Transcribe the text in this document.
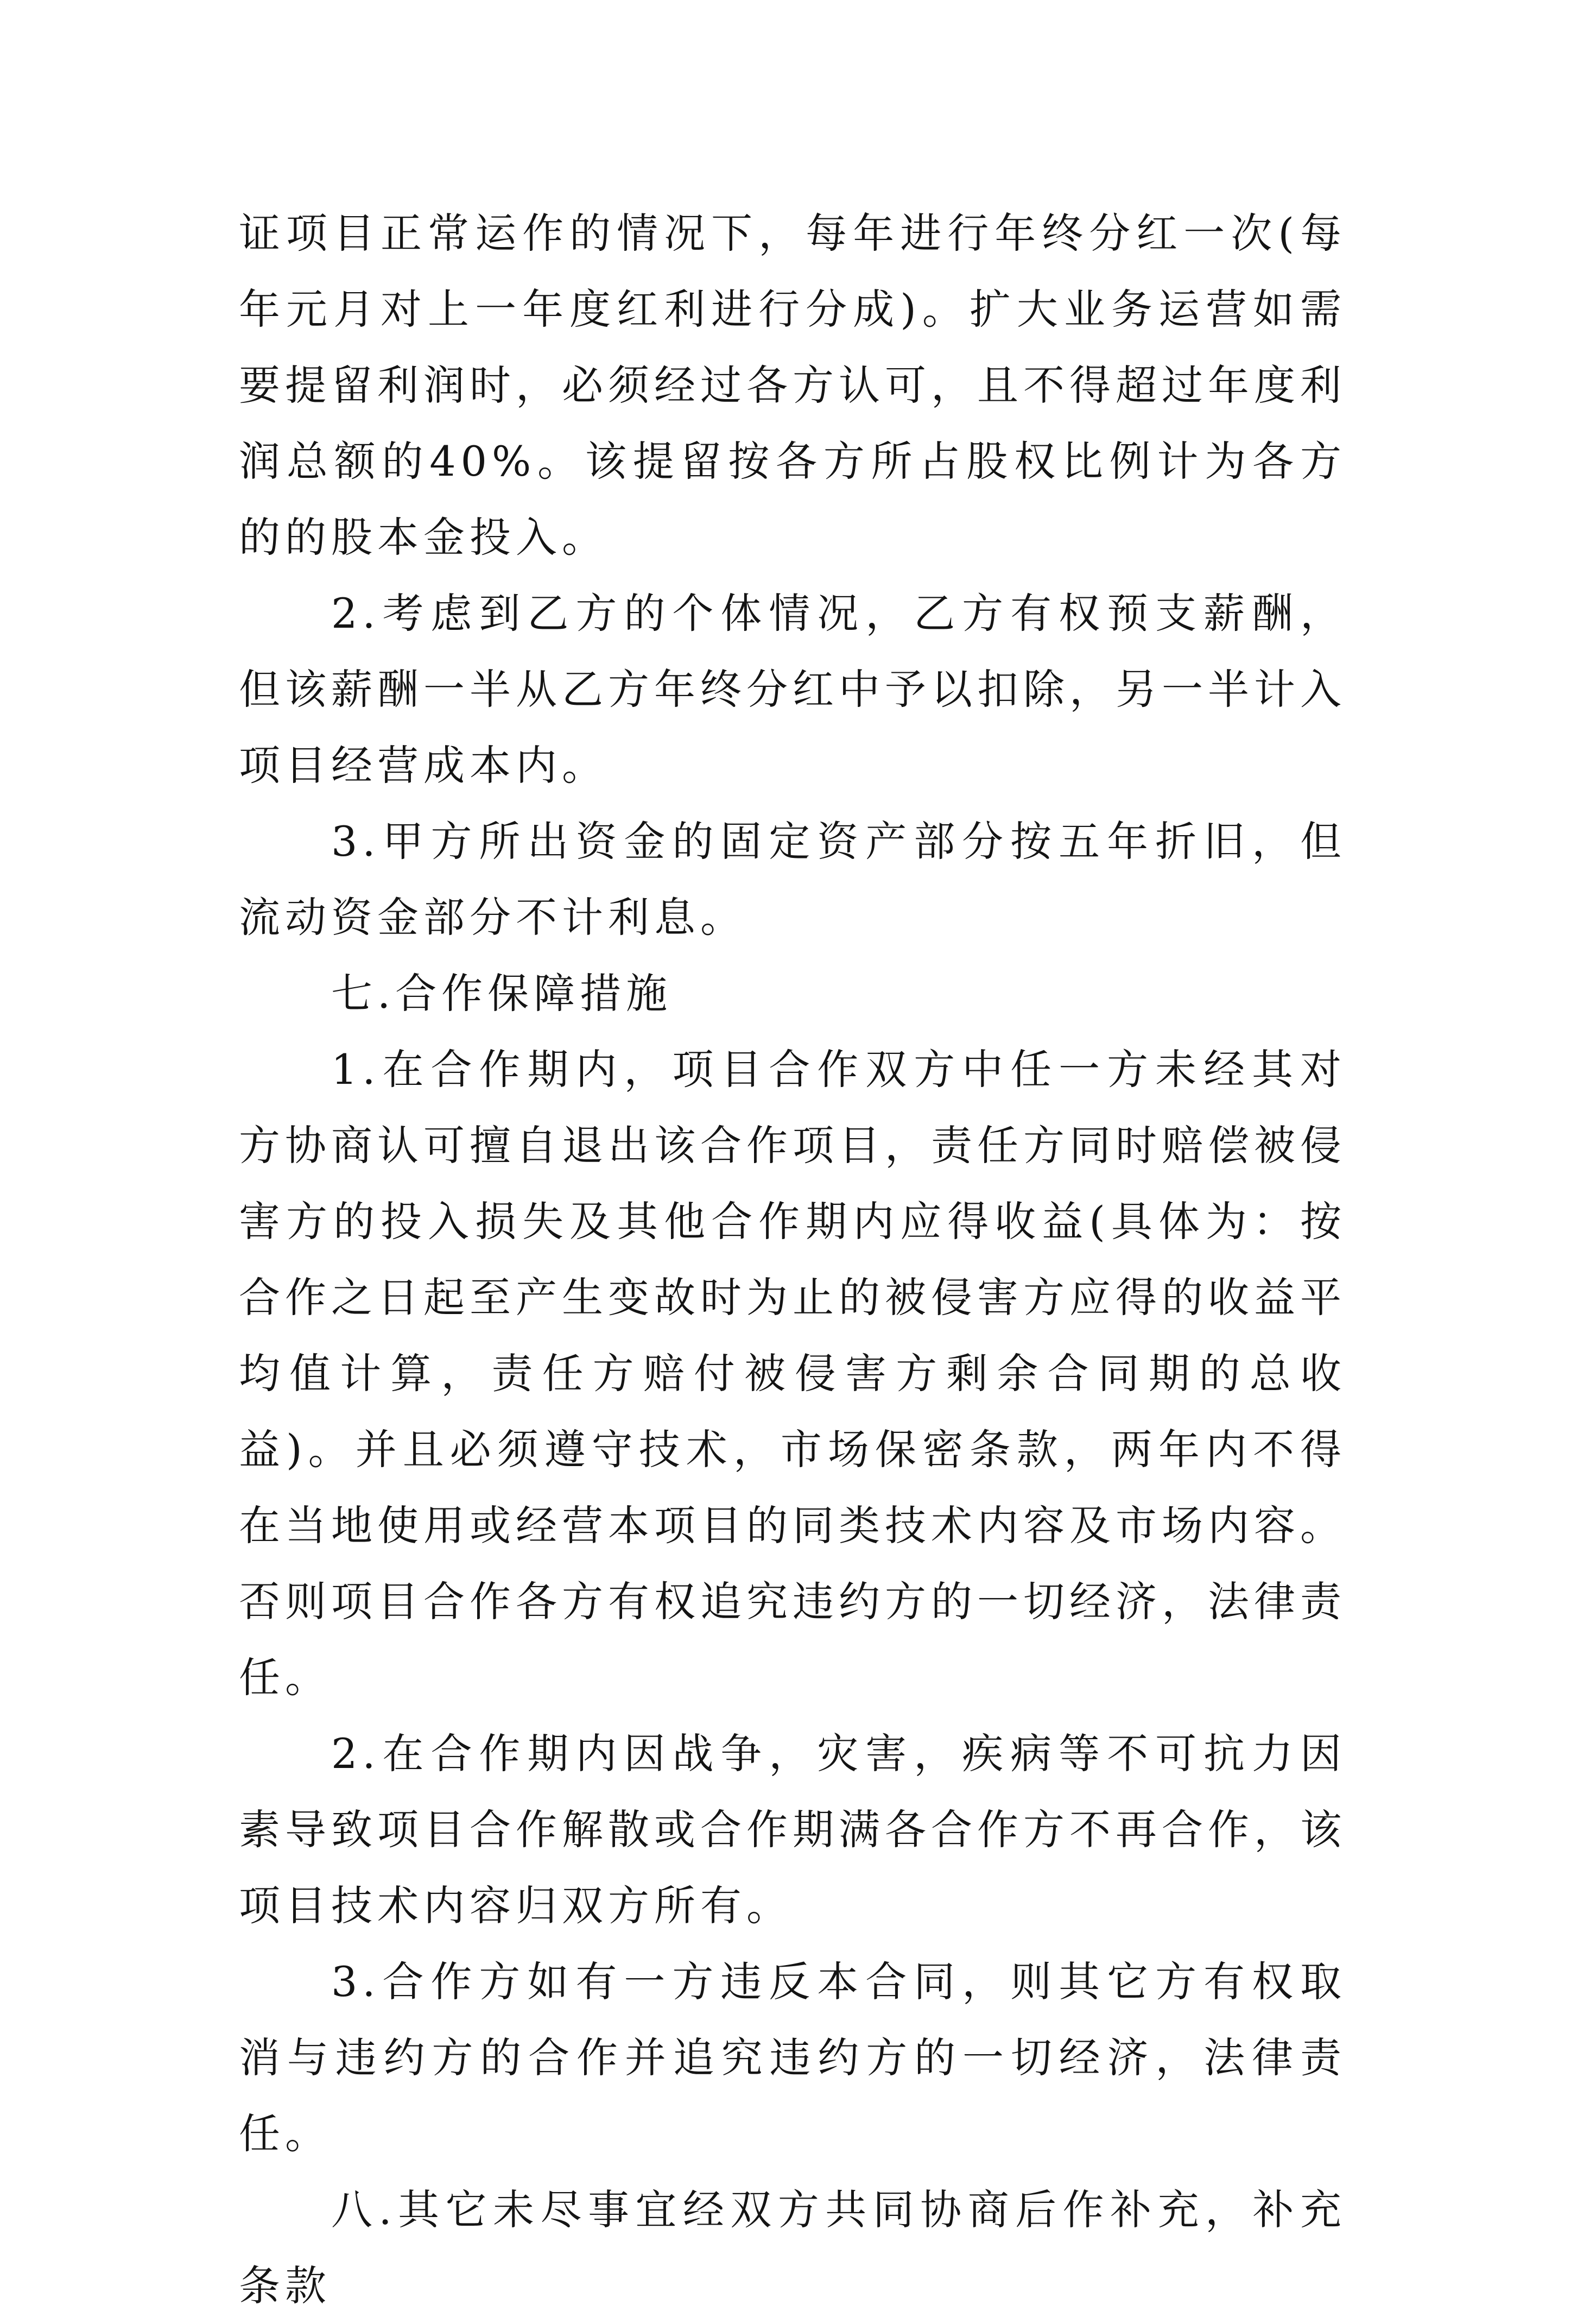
证项目正常运作的情况下，每年进行年终分红一次(每年元月对上一年度红利进行分成)。扩大业务运营如需要提留利润时，必须经过各方认可，且不得超过年度利润总额的40%。该提留按各方所占股权比例计为各方的的股本金投入。

2.考虑到乙方的个体情况，乙方有权预支薪酬，但该薪酬一半从乙方年终分红中予以扣除，另一半计入项目经营成本内。

3.甲方所出资金的固定资产部分按五年折旧，但流动资金部分不计利息。

七.合作保障措施

1.在合作期内，项目合作双方中任一方未经其对方协商认可擅自退出该合作项目，责任方同时赔偿被侵害方的投入损失及其他合作期内应得收益(具体为：按合作之日起至产生变故时为止的被侵害方应得的收益平均值计算，责任方赔付被侵害方剩余合同期的总收益)。并且必须遵守技术，市场保密条款，两年内不得在当地使用或经营本项目的同类技术内容及市场内容。否则项目合作各方有权追究违约方的一切经济，法律责任。

2.在合作期内因战争，灾害，疾病等不可抗力因素导致项目合作解散或合作期满各合作方不再合作，该项目技术内容归双方所有。

3.合作方如有一方违反本合同，则其它方有权取消与违约方的合作并追究违约方的一切经济，法律责任。

八.其它未尽事宜经双方共同协商后作补充，补充条款
